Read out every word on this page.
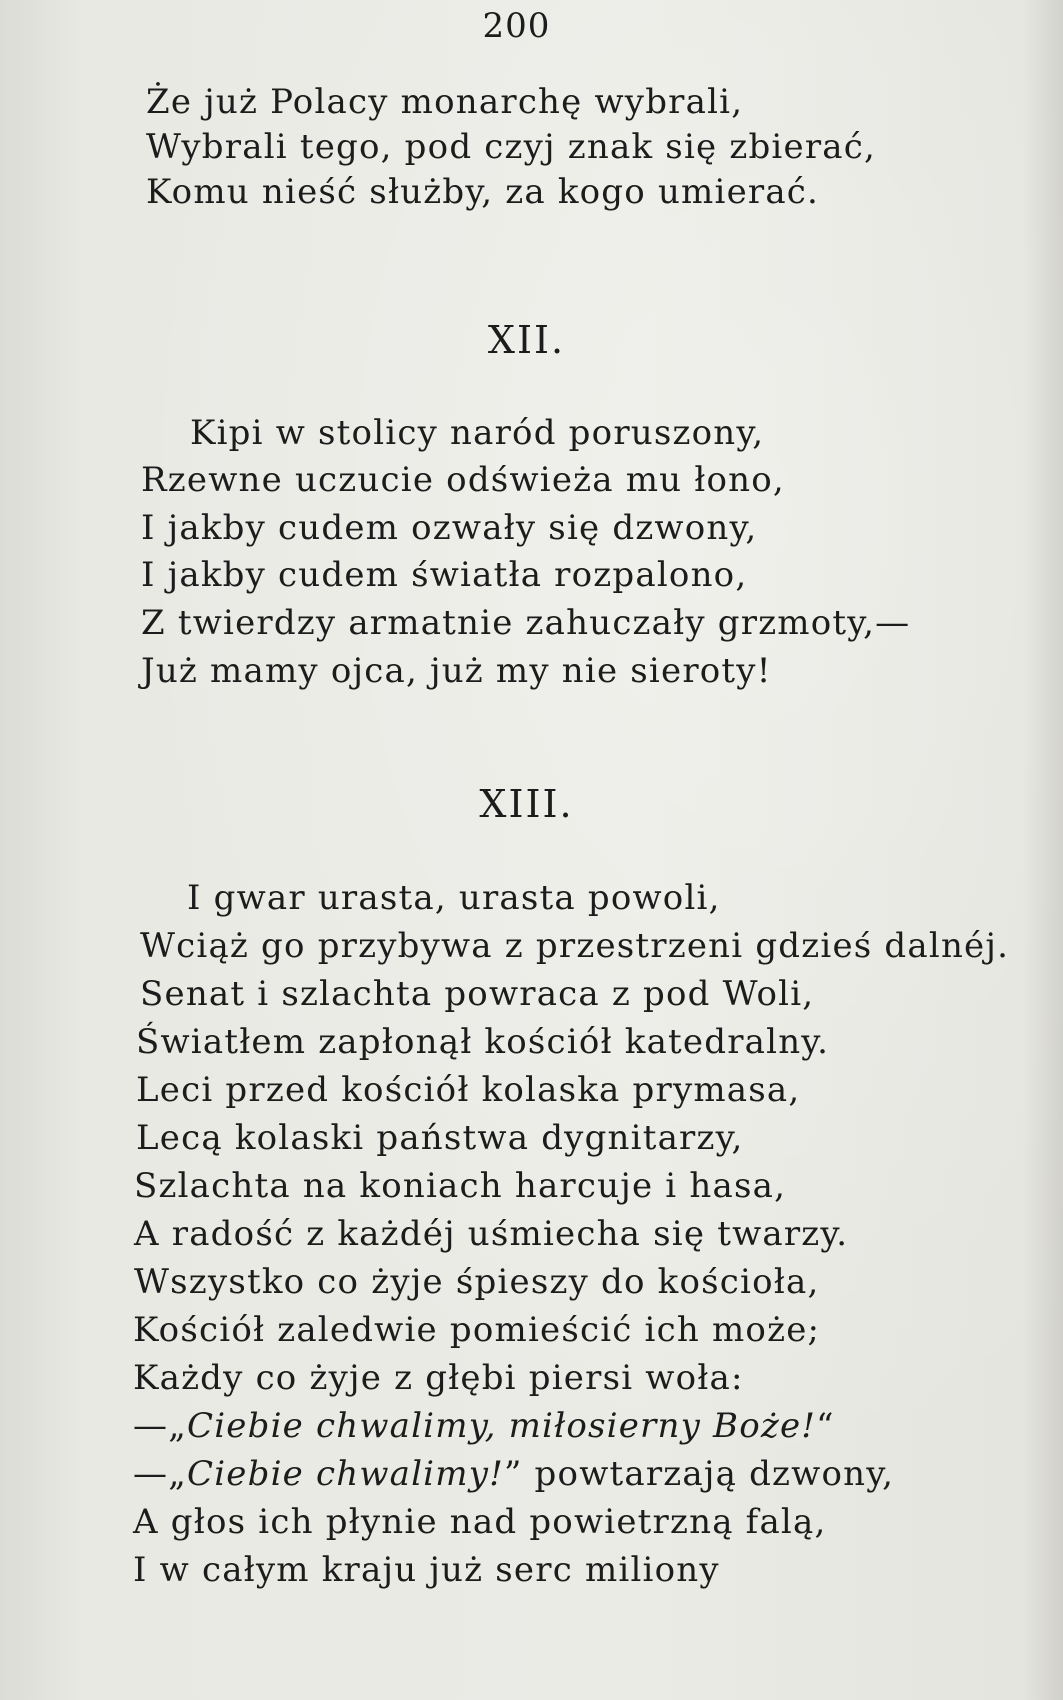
200
Że już Polacy monarchę wybrali,
Wybrali tego, pod czyj znak się zbierać,
Komu nieść służby, za kogo umierać.
XII.
Kipi w stolicy naród poruszony,
Rzewne uczucie odświeża mu łono,
I jakby cudem ozwały się dzwony,
I jakby cudem światła rozpalono,
Z twierdzy armatnie zahuczały grzmoty,—
Już mamy ojca, już my nie sieroty!
XIII.
I gwar urasta, urasta powoli,
Wciąż go przybywa z przestrzeni gdzieś dalnéj.
Senat i szlachta powraca z pod Woli,
Światłem zapłonął kościół katedralny.
Leci przed kościół kolaska prymasa,
Lecą kolaski państwa dygnitarzy,
Szlachta na koniach harcuje i hasa,
A radość z każdéj uśmiecha się twarzy.
Wszystko co żyje śpieszy do kościoła,
Kościół zaledwie pomieścić ich może;
Każdy co żyje z głębi piersi woła:
—„Ciebie chwalimy, miłosierny Boże!“
—„Ciebie chwalimy!” powtarzają dzwony,
A głos ich płynie nad powietrzną falą,
I w całym kraju już serc miliony
